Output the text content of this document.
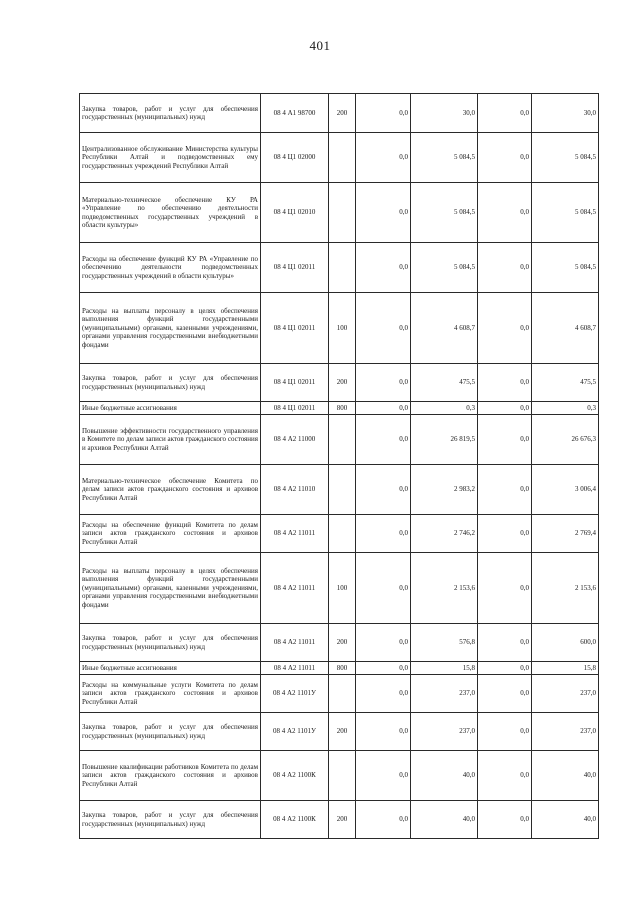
401
Закупка товаров, работ и услуг для обеспечения государственных (муниципальных) нужд	08 4 А1 98700	200	0,0	30,0	0,0	30,0
Централизованное обслуживание Министерства культуры Республики Алтай и подведомственных ему государственных учреждений Республики Алтай	08 4 Ц1 02000		0,0	5 084,5	0,0	5 084,5
Материально-техническое обеспечение КУ РА «Управление по обеспечению деятельности подведомственных государственных учреждений в области культуры»	08 4 Ц1 02010		0,0	5 084,5	0,0	5 084,5
Расходы на обеспечение функций КУ РА «Управление по обеспечению деятельности подведомственных государственных учреждений в области культуры»	08 4 Ц1 02011		0,0	5 084,5	0,0	5 084,5
Расходы на выплаты персоналу в целях обеспечения выполнения функций государственными (муниципальными) органами, казенными учреждениями, органами управления государственными внебюджетными фондами	08 4 Ц1 02011	100	0,0	4 608,7	0,0	4 608,7
Закупка товаров, работ и услуг для обеспечения государственных (муниципальных) нужд	08 4 Ц1 02011	200	0,0	475,5	0,0	475,5
Иные бюджетные ассигнования	08 4 Ц1 02011	800	0,0	0,3	0,0	0,3
Повышение эффективности государственного управления в Комитете по делам записи актов гражданского состояния и архивов Республики Алтай	08 4 А2 11000		0,0	26 819,5	0,0	26 676,3
Материально-техническое обеспечение Комитета по делам записи актов гражданского состояния и архивов Республики Алтай	08 4 А2 11010		0,0	2 983,2	0,0	3 006,4
Расходы на обеспечение функций Комитета по делам записи актов гражданского состояния и архивов Республики Алтай	08 4 А2 11011		0,0	2 746,2	0,0	2 769,4
Расходы на выплаты персоналу в целях обеспечения выполнения функций государственными (муниципальными) органами, казенными учреждениями, органами управления государственными внебюджетными фондами	08 4 А2 11011	100	0,0	2 153,6	0,0	2 153,6
Закупка товаров, работ и услуг для обеспечения государственных (муниципальных) нужд	08 4 А2 11011	200	0,0	576,8	0,0	600,0
Иные бюджетные ассигнования	08 4 А2 11011	800	0,0	15,8	0,0	15,8
Расходы на коммунальные услуги Комитета по делам записи актов гражданского состояния и архивов Республики Алтай	08 4 А2 1101У		0,0	237,0	0,0	237,0
Закупка товаров, работ и услуг для обеспечения государственных (муниципальных) нужд	08 4 А2 1101У	200	0,0	237,0	0,0	237,0
Повышение квалификации работников Комитета по делам записи актов гражданского состояния и архивов Республики Алтай	08 4 А2 1100К		0,0	40,0	0,0	40,0
Закупка товаров, работ и услуг для обеспечения государственных (муниципальных) нужд	08 4 А2 1100К	200	0,0	40,0	0,0	40,0
